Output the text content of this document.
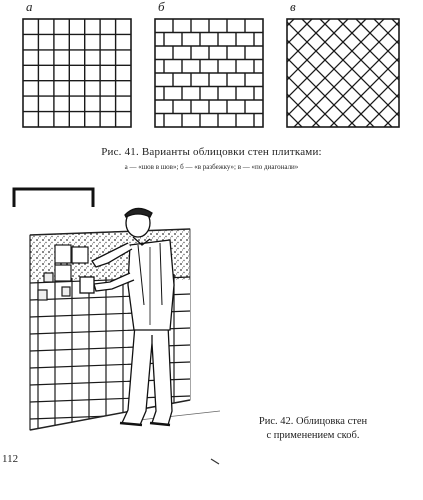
а	б	в
Рис. 41. Варианты облицовки стен плитками:
а — «шов в шов»; б — «в разбежку»; в — «по диагонали»
Рис. 42. Облицовка стен
с применением скоб.
112
